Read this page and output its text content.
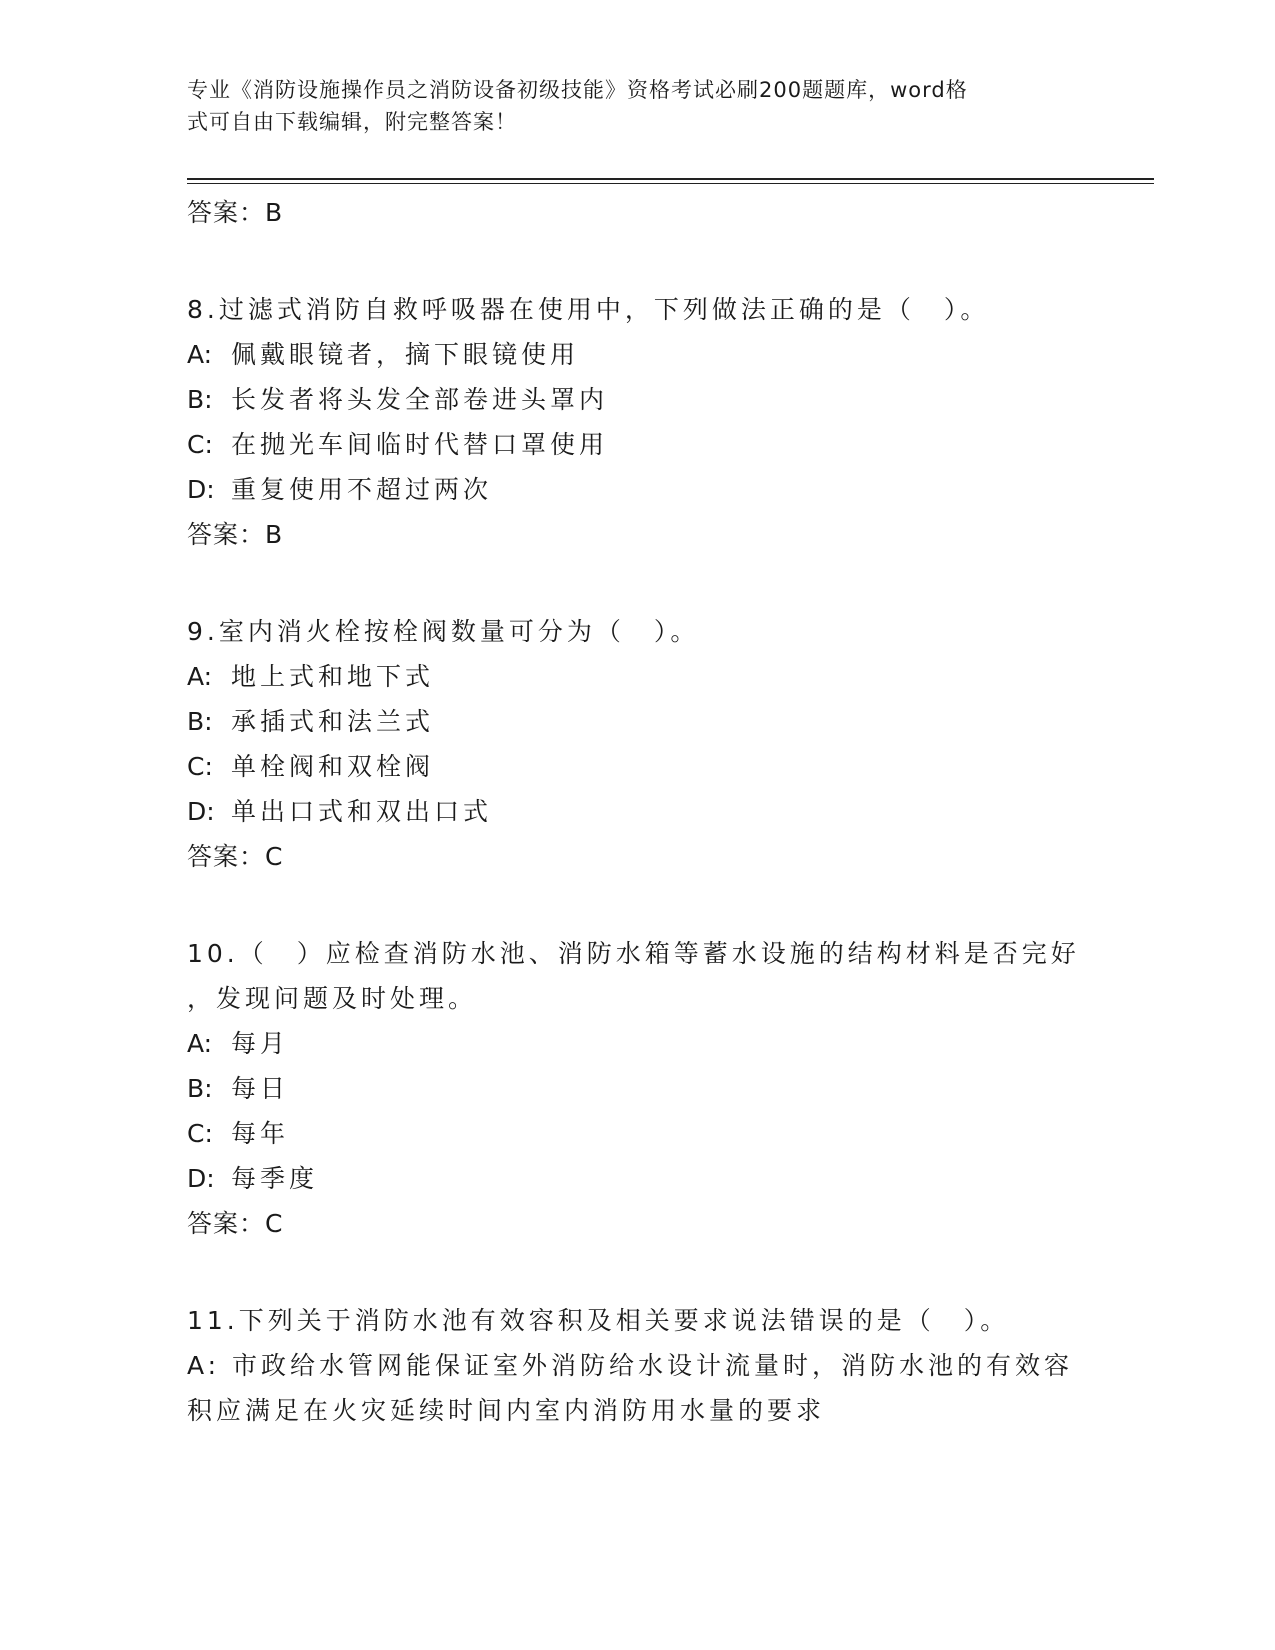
专业《消防设施操作员之消防设备初级技能》资格考试必刷200题题库，word格
式可自由下载编辑，附完整答案！
答案：B
8.过滤式消防自救呼吸器在使用中，下列做法正确的是（　）。
A: 佩戴眼镜者，摘下眼镜使用
B: 长发者将头发全部卷进头罩内
C: 在抛光车间临时代替口罩使用
D: 重复使用不超过两次
答案：B
9.室内消火栓按栓阀数量可分为（　）。
A: 地上式和地下式
B: 承插式和法兰式
C: 单栓阀和双栓阀
D: 单出口式和双出口式
答案：C
10.（　）应检查消防水池、消防水箱等蓄水设施的结构材料是否完好
，发现问题及时处理。
A: 每月
B: 每日
C: 每年
D: 每季度
答案：C
11.下列关于消防水池有效容积及相关要求说法错误的是（　）。
A: 市政给水管网能保证室外消防给水设计流量时，消防水池的有效容
积应满足在火灾延续时间内室内消防用水量的要求
